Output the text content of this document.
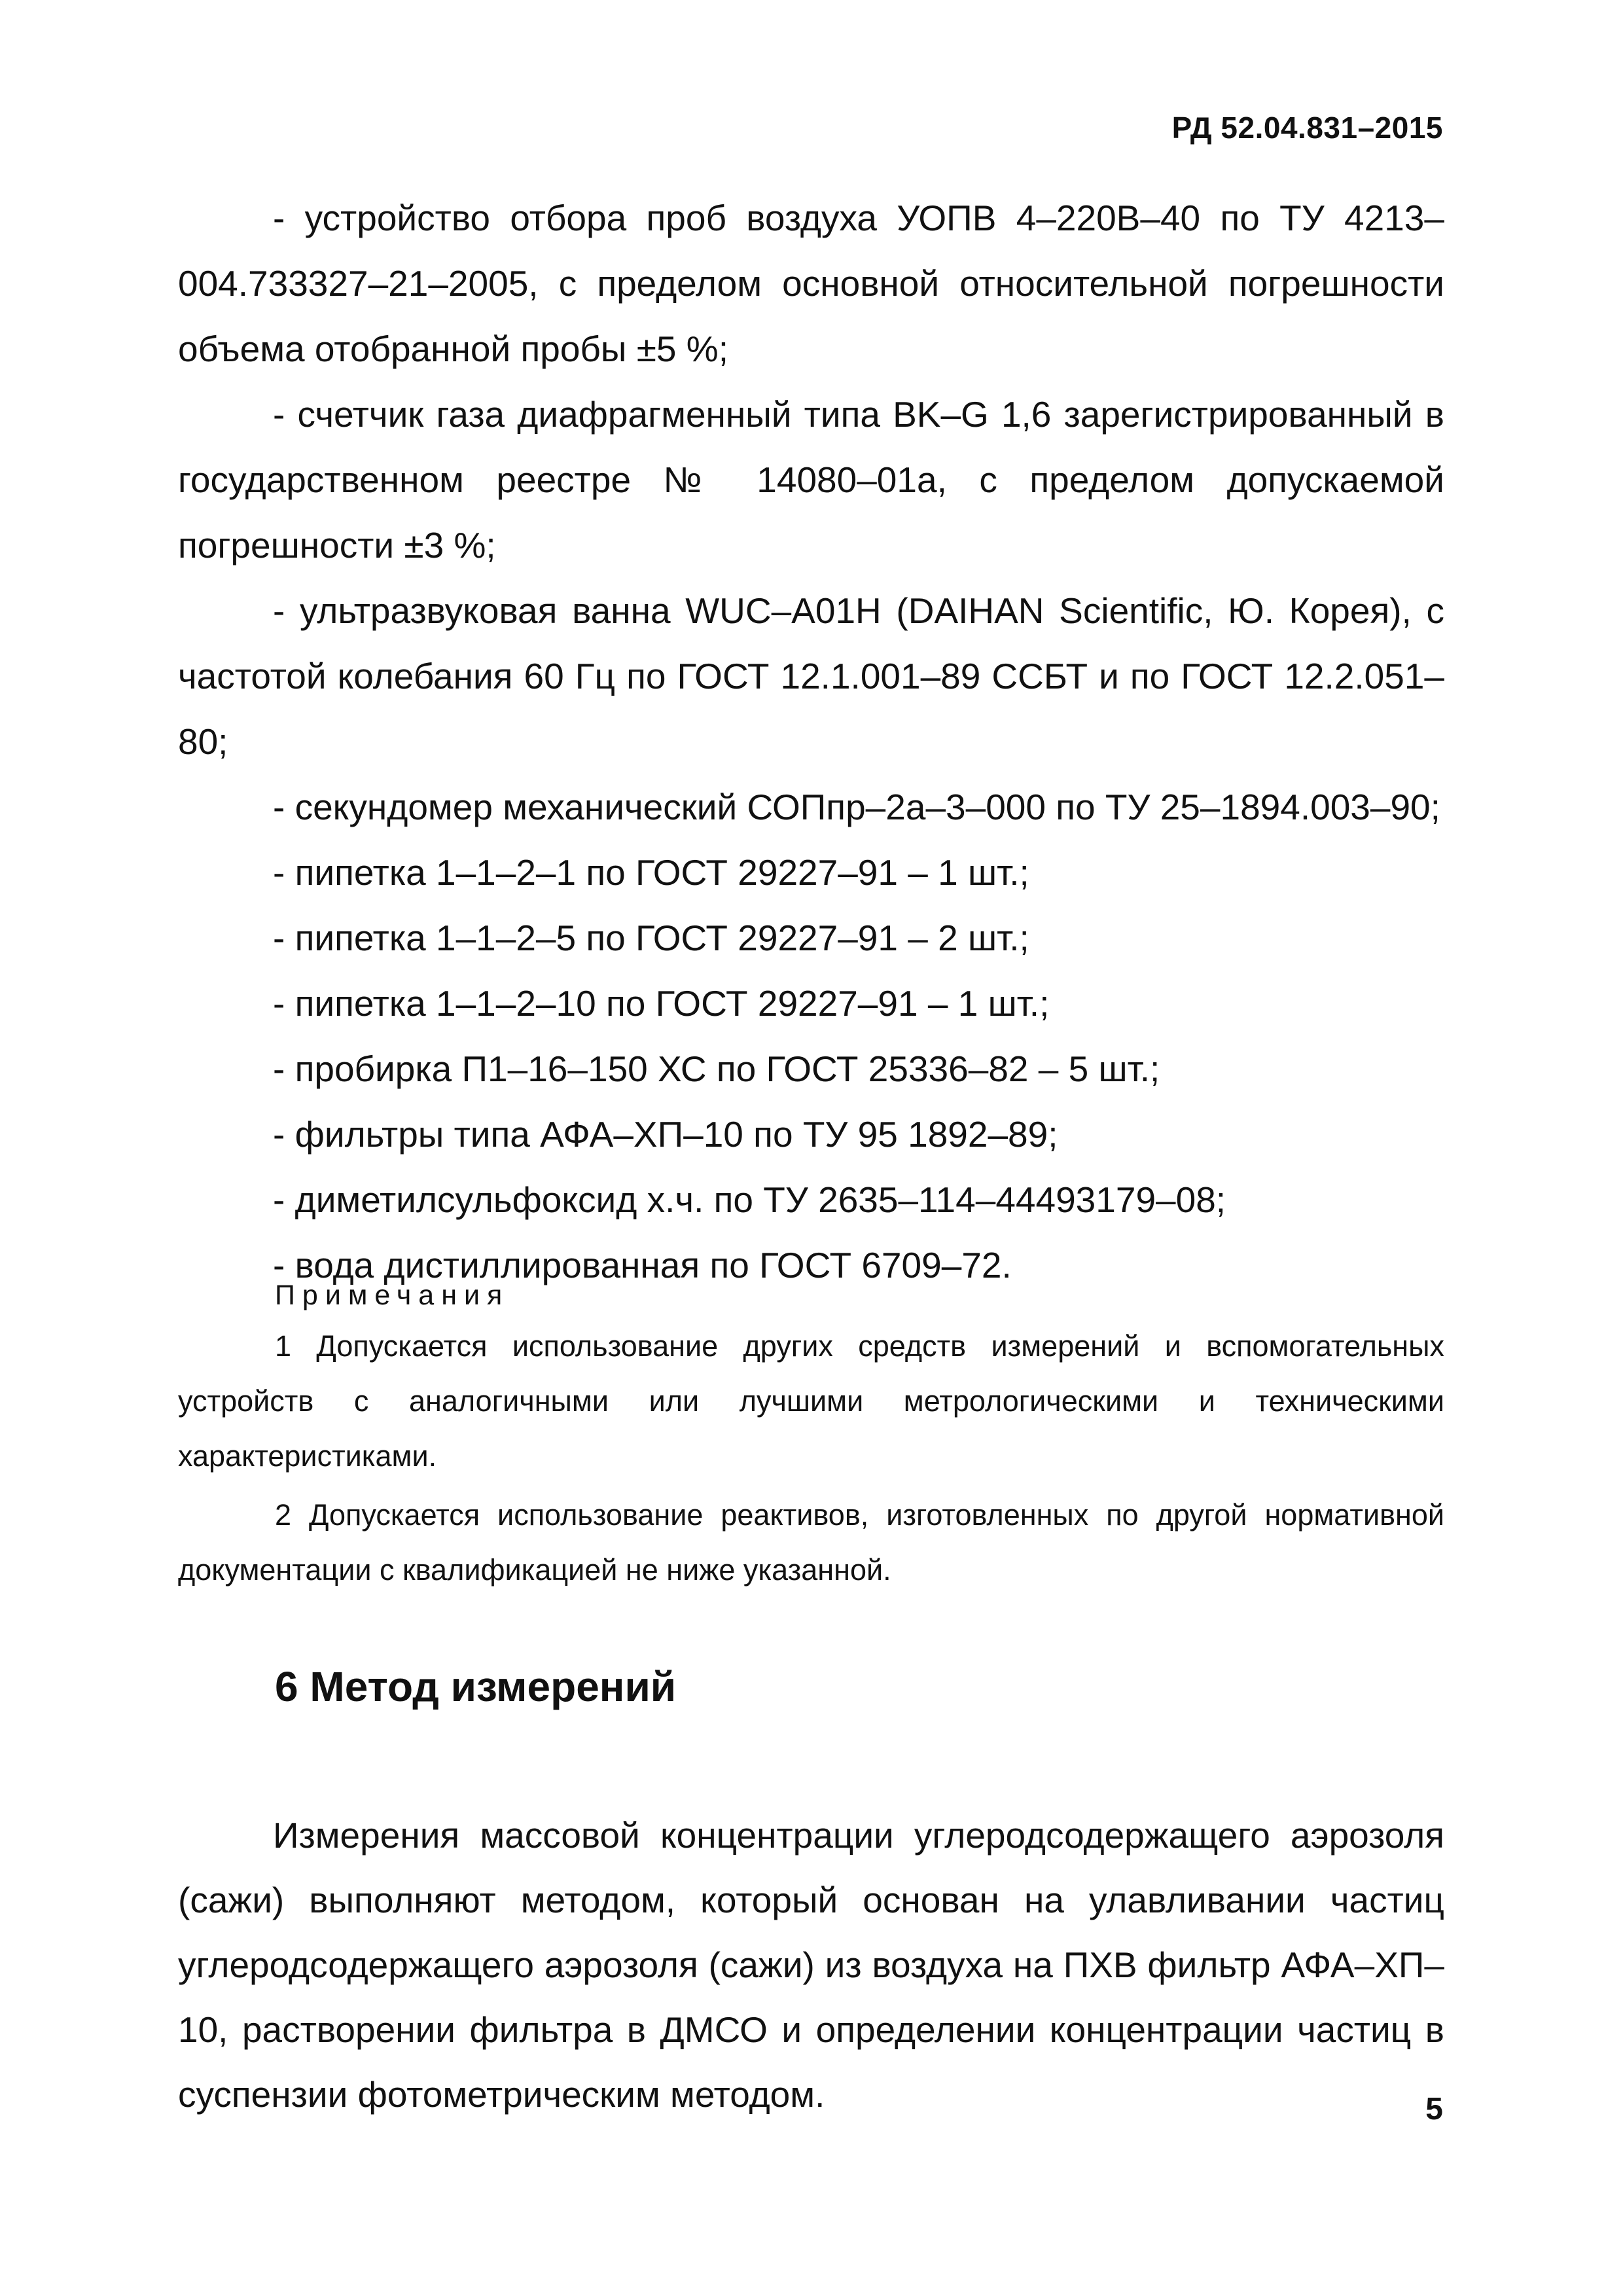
РД 52.04.831–2015

- устройство отбора проб воздуха УОПВ 4–220В–40 по ТУ 4213–004.733327–21–2005, с пределом основной относительной погрешности объема отобранной пробы ±5 %;

- счетчик газа диафрагменный типа BK–G 1,6 зарегистрированный в государственном реестре № 14080–01а, с пределом допускаемой погрешности ±3 %;

- ультразвуковая ванна WUC–A01H (DAIHAN Scientific, Ю. Корея), с частотой колебания 60 Гц по ГОСТ 12.1.001–89 ССБТ и по ГОСТ 12.2.051–80;

- секундомер механический СОПпр–2а–3–000 по ТУ 25–1894.003–90;

- пипетка 1–1–2–1 по ГОСТ 29227–91 – 1 шт.;

- пипетка 1–1–2–5 по ГОСТ 29227–91 – 2 шт.;

- пипетка 1–1–2–10 по ГОСТ 29227–91 – 1 шт.;

- пробирка П1–16–150 ХС по ГОСТ 25336–82 – 5 шт.;

- фильтры типа АФА–ХП–10 по ТУ 95 1892–89;

- диметилсульфоксид х.ч. по ТУ 2635–114–44493179–08;

- вода дистиллированная по ГОСТ 6709–72.

Примечания

1 Допускается использование других средств измерений и вспомогательных устройств с аналогичными или лучшими метрологическими и техническими характеристиками.

2 Допускается использование реактивов, изготовленных по другой нормативной документации с квалификацией не ниже указанной.

6 Метод измерений

Измерения массовой концентрации углеродсодержащего аэрозоля (сажи) выполняют методом, который основан на улавливании частиц углеродсодержащего аэрозоля (сажи) из воздуха на ПХВ фильтр АФА–ХП–10, растворении фильтра в ДМСО и определении концентрации частиц в суспензии фотометрическим методом.	5
